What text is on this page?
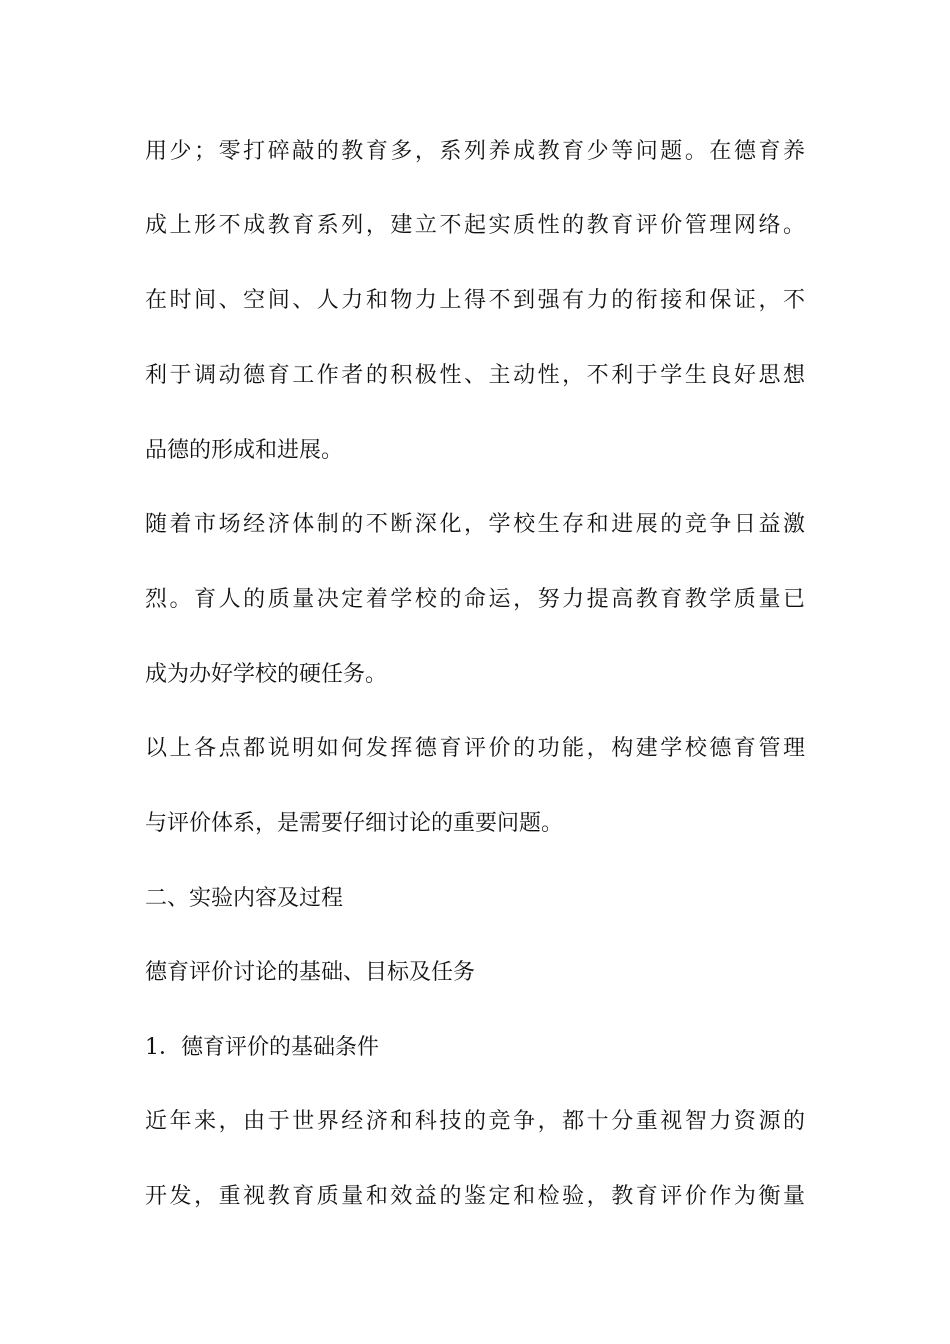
用少；零打碎敲的教育多，系列养成教育少等问题。在德育养
成上形不成教育系列，建立不起实质性的教育评价管理网络。
在时间、空间、人力和物力上得不到强有力的衔接和保证，不
利于调动德育工作者的积极性、主动性，不利于学生良好思想
品德的形成和进展。
随着市场经济体制的不断深化，学校生存和进展的竞争日益激
烈。育人的质量决定着学校的命运，努力提高教育教学质量已
成为办好学校的硬任务。
以上各点都说明如何发挥德育评价的功能，构建学校德育管理
与评价体系，是需要仔细讨论的重要问题。
二、实验内容及过程
德育评价讨论的基础、目标及任务
1．德育评价的基础条件
近年来，由于世界经济和科技的竞争，都十分重视智力资源的
开发，重视教育质量和效益的鉴定和检验，教育评价作为衡量
